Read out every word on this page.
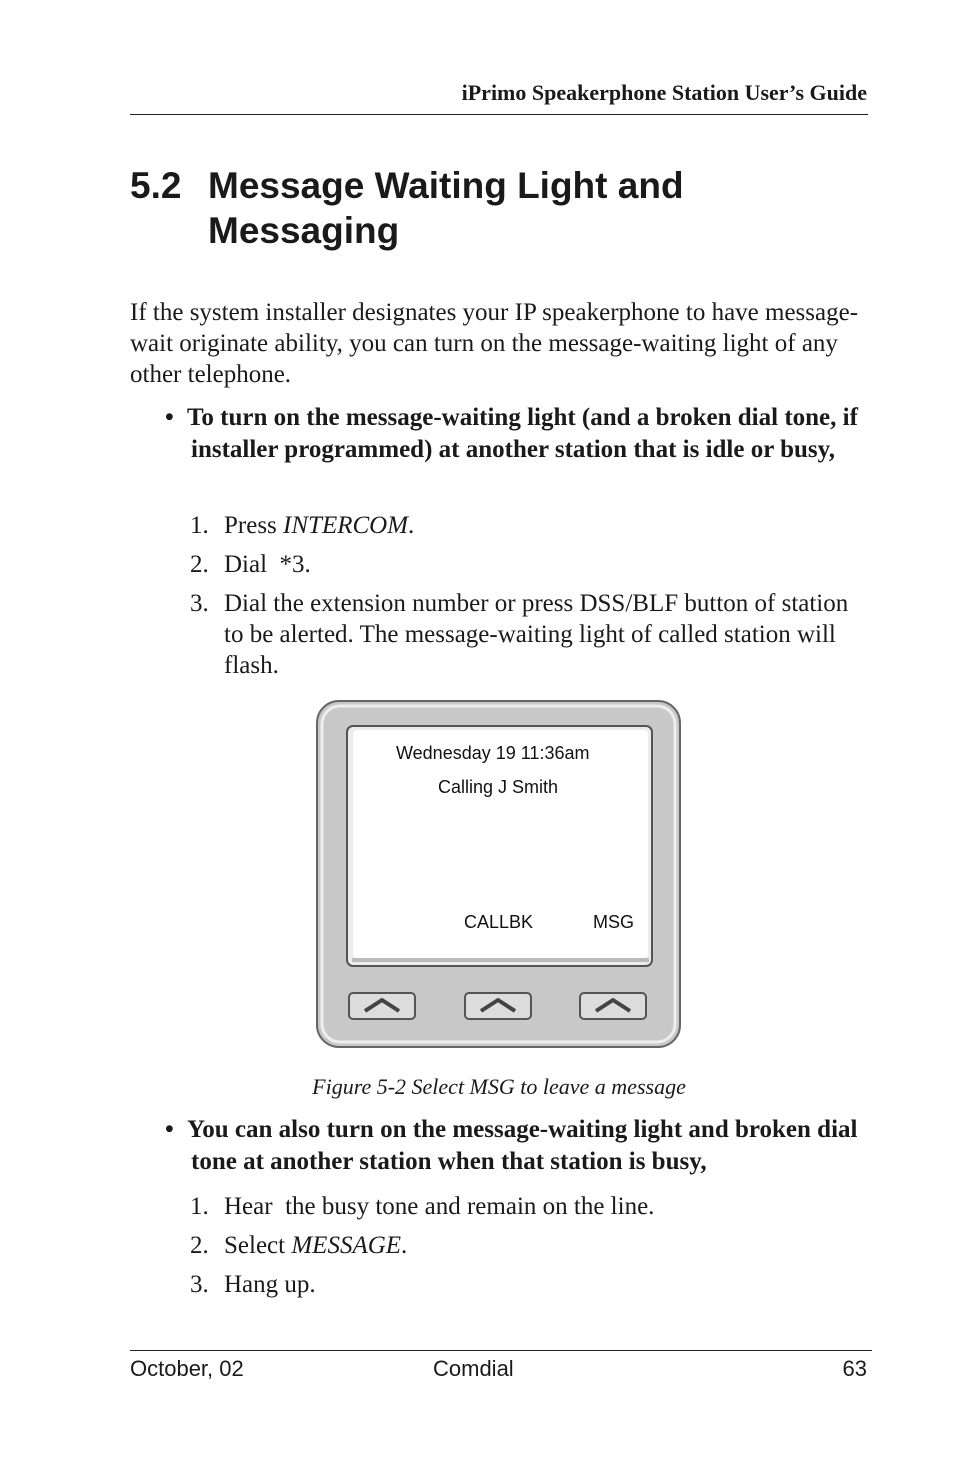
iPrimo Speakerphone Station User’s Guide
5.2 Message Waiting Light and
Messaging

If the system installer designates your IP speakerphone to have message-wait originate ability, you can turn on the message-waiting light of any other telephone.

• To turn on the message-waiting light (and a broken dial tone, if installer programmed) at another station that is idle or busy,
1. Press INTERCOM.
2. Dial  *3.
3. Dial the extension number or press DSS/BLF button of station to be alerted. The message-waiting light of called station will flash.
Wednesday 19 11:36am
Calling J Smith
CALLBK	MSG

Figure 5-2 Select MSG to leave a message

• You can also turn on the message-waiting light and broken dial tone at another station when that station is busy,
1. Hear  the busy tone and remain on the line.
2. Select MESSAGE.
3. Hang up.
October, 02	Comdial	63
